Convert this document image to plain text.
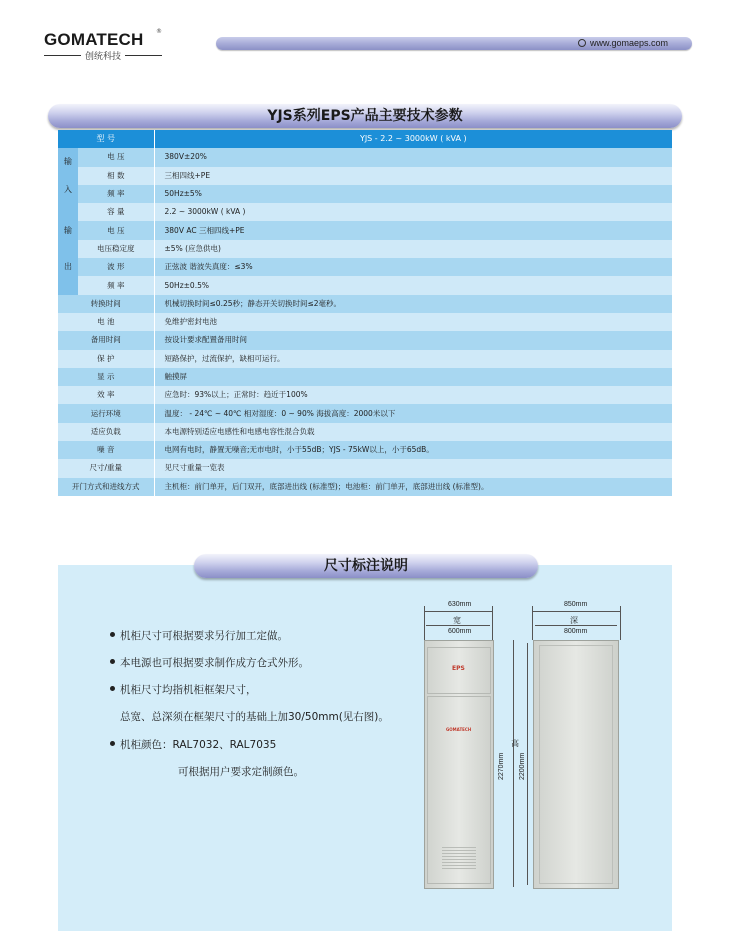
GOMATECH	®
创统科技
www.gomaeps.com
YJS系列EPS产品主要技术参数
型 号		YJS - 2.2 ~ 3000kW ( kVA )

输
入	电 压	380V±20%
	相 数	三相四线+PE
	频 率	50Hz±5%

输
出	容 量	2.2 ~ 3000kW ( kVA )
	电 压	380V AC 三相四线+PE
	电压稳定度	±5% (应急供电)
	波 形	正弦波 谐波失真度：≤3%
	频 率	50Hz±0.5%
转换时间		机械切换时间≤0.25秒；静态开关切换时间≤2毫秒。
电 池		免维护密封电池
备用时间		按设计要求配置备用时间
保 护		短路保护，过流保护，缺相可运行。
显 示		触摸屏
效 率		应急时：93%以上；正常时：趋近于100%
运行环境		温度： - 24℃ ~ 40℃ 相对湿度：0 ~ 90% 海拔高度：2000米以下
适应负载		本电源特别适应电感性和电感电容性混合负载
噪 音		电网有电时，静置无噪音;无市电时，小于55dB；YJS - 75kW以上，小于65dB。
尺寸/重量		见尺寸重量一览表
开门方式和进线方式		主机柜：前门单开，后门双开，底部进出线 (标准型)；电池柜：前门单开，底部进出线 (标准型)。
尺寸标注说明
机柜尺寸可根据要求另行加工定做。
本电源也可根据要求制作成方仓式外形。
机柜尺寸均指机柜框架尺寸，
总宽、总深须在框架尺寸的基础上加30/50mm(见右图)。
机柜颜色：RAL7032、RAL7035
可根据用户要求定制颜色。
630mm
宽
600mm
EPS
GOMATECH
2270mm
高
2200mm
850mm
深
800mm
